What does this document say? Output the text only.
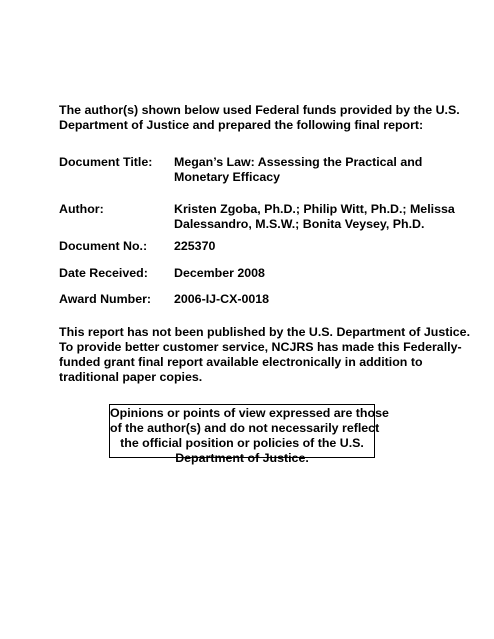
The author(s) shown below used Federal funds provided by the U.S.
Department of Justice and prepared the following final report:

Document Title: Megan’s Law: Assessing the Practical and
Monetary Efficacy
Author:	Kristen Zgoba, Ph.D.; Philip Witt, Ph.D.; Melissa
Dalessandro, M.S.W.; Bonita Veysey, Ph.D.
Document No.: 225370
Date Received: December 2008
Award Number: 2006-IJ-CX-0018

This report has not been published by the U.S. Department of Justice.
To provide better customer service, NCJRS has made this Federally-
funded grant final report available electronically in addition to
traditional paper copies.

Opinions or points of view expressed are those
of the author(s) and do not necessarily reflect
the official position or policies of the U.S.
Department of Justice.
